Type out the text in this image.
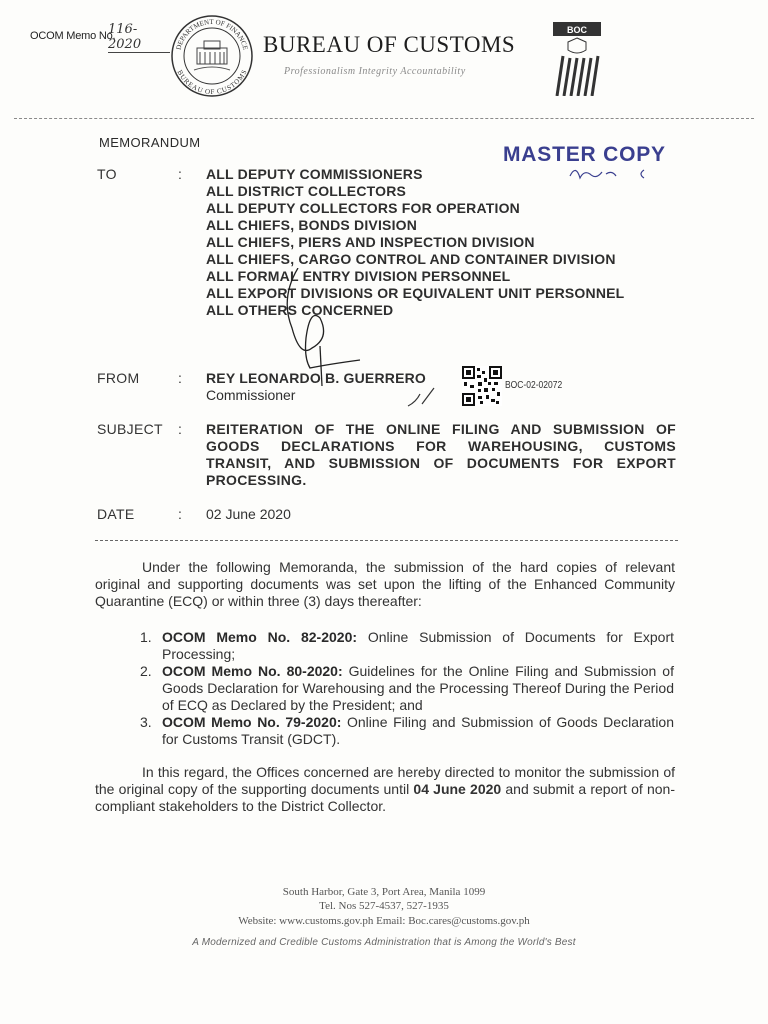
OCOM Memo No.
116-2020	DEPARTMENT OF FINANCE
BUREAU OF CUSTOMS
BUREAU OF CUSTOMS
Professionalism Integrity Accountability
BOC
MEMORANDUM
MASTER COPY
TO	: ALL DEPUTY COMMISSIONERS
ALL DISTRICT COLLECTORS
ALL DEPUTY COLLECTORS FOR OPERATION
ALL CHIEFS, BONDS DIVISION
ALL CHIEFS, PIERS AND INSPECTION DIVISION
ALL CHIEFS, CARGO CONTROL AND CONTAINER DIVISION
ALL FORMAL ENTRY DIVISION PERSONNEL
ALL EXPORT DIVISIONS OR EQUIVALENT UNIT PERSONNEL
ALL OTHERS CONCERNED
FROM	: REY LEONARDO B. GUERRERO
Commissioner
BOC-02-02072
SUBJECT : REITERATION OF THE ONLINE FILING AND SUBMISSION OF GOODS DECLARATIONS FOR WAREHOUSING, CUSTOMS TRANSIT, AND SUBMISSION OF DOCUMENTS FOR EXPORT PROCESSING.
DATE	: 02 June 2020
Under the following Memoranda, the submission of the hard copies of relevant original and supporting documents was set upon the lifting of the Enhanced Community Quarantine (ECQ) or within three (3) days thereafter:
1. OCOM Memo No. 82-2020: Online Submission of Documents for Export Processing;
2. OCOM Memo No. 80-2020: Guidelines for the Online Filing and Submission of Goods Declaration for Warehousing and the Processing Thereof During the Period of ECQ as Declared by the President; and
3. OCOM Memo No. 79-2020: Online Filing and Submission of Goods Declaration for Customs Transit (GDCT).
In this regard, the Offices concerned are hereby directed to monitor the submission of the original copy of the supporting documents until 04 June 2020 and submit a report of non-compliant stakeholders to the District Collector.
South Harbor, Gate 3, Port Area, Manila 1099
Tel. Nos 527-4537, 527-1935
Website: www.customs.gov.ph Email: Boc.cares@customs.gov.ph
A Modernized and Credible Customs Administration that is Among the World's Best
